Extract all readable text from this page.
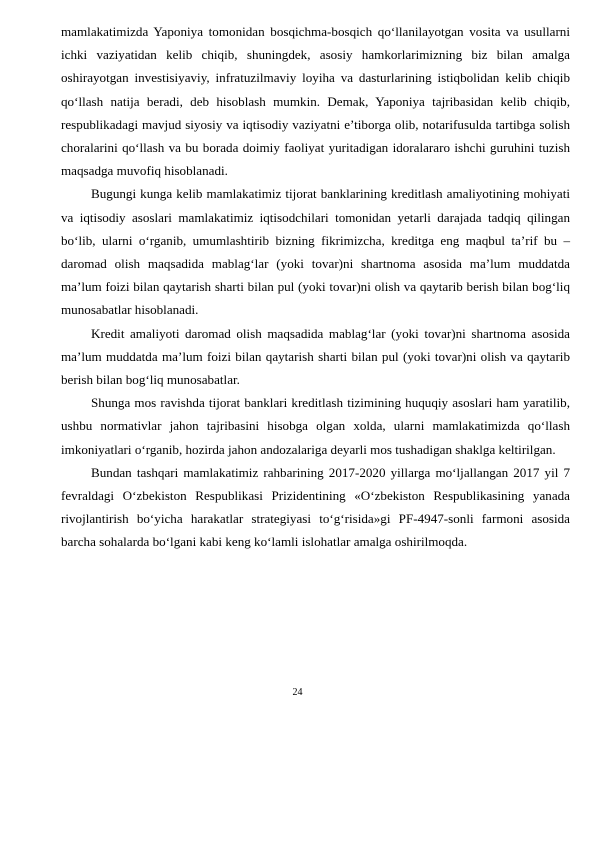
mamlakatimizda Yaponiya tomonidan bosqichma-bosqich qo‘llanilayotgan vosita va usullarni ichki vaziyatidan kelib chiqib, shuningdek, asosiy hamkorlarimizning biz bilan amalga oshirayotgan investisiyaviy, infratuzilmaviy loyiha va dasturlarining istiqbolidan kelib chiqib qo‘llash natija beradi, deb hisoblash mumkin. Demak, Yaponiya tajribasidan kelib chiqib, respublikadagi mavjud siyosiy va iqtisodiy vaziyatni e’tiborga olib, notarifusulda tartibga solish choralarini qo‘llash va bu borada doimiy faoliyat yuritadigan idoralararo ishchi guruhini tuzish maqsadga muvofiq hisoblanadi.

Bugungi kunga kelib mamlakatimiz tijorat banklarining kreditlash amaliyotining mohiyati va iqtisodiy asoslari mamlakatimiz iqtisodchilari tomonidan yetarli darajada tadqiq qilingan bo‘lib, ularni o‘rganib, umumlashtirib bizning fikrimizcha, kreditga eng maqbul ta’rif bu – daromad olish maqsadida mablag‘lar (yoki tovar)ni shartnoma asosida ma’lum muddatda ma’lum foizi bilan qaytarish sharti bilan pul (yoki tovar)ni olish va qaytarib berish bilan bog‘liq munosabatlar hisoblanadi.

Kredit amaliyoti daromad olish maqsadida mablag‘lar (yoki tovar)ni shartnoma asosida ma’lum muddatda ma’lum foizi bilan qaytarish sharti bilan pul (yoki tovar)ni olish va qaytarib berish bilan bog‘liq munosabatlar.

Shunga mos ravishda tijorat banklari kreditlash tizimining huquqiy asoslari ham yaratilib, ushbu normativlar jahon tajribasini hisobga olgan xolda, ularni mamlakatimizda qo‘llash imkoniyatlari o‘rganib, hozirda jahon andozalariga deyarli mos tushadigan shaklga keltirilgan.

Bundan tashqari mamlakatimiz rahbarining 2017-2020 yillarga mo‘ljallangan 2017 yil 7 fevraldagi O‘zbekiston Respublikasi Prizidentining «O‘zbekiston Respublikasining yanada rivojlantirish bo‘yicha harakatlar strategiyasi to‘g‘risida»gi PF-4947-sonli farmoni asosida barcha sohalarda bo‘lgani kabi keng ko‘lamli islohatlar amalga oshirilmoqda.

24
